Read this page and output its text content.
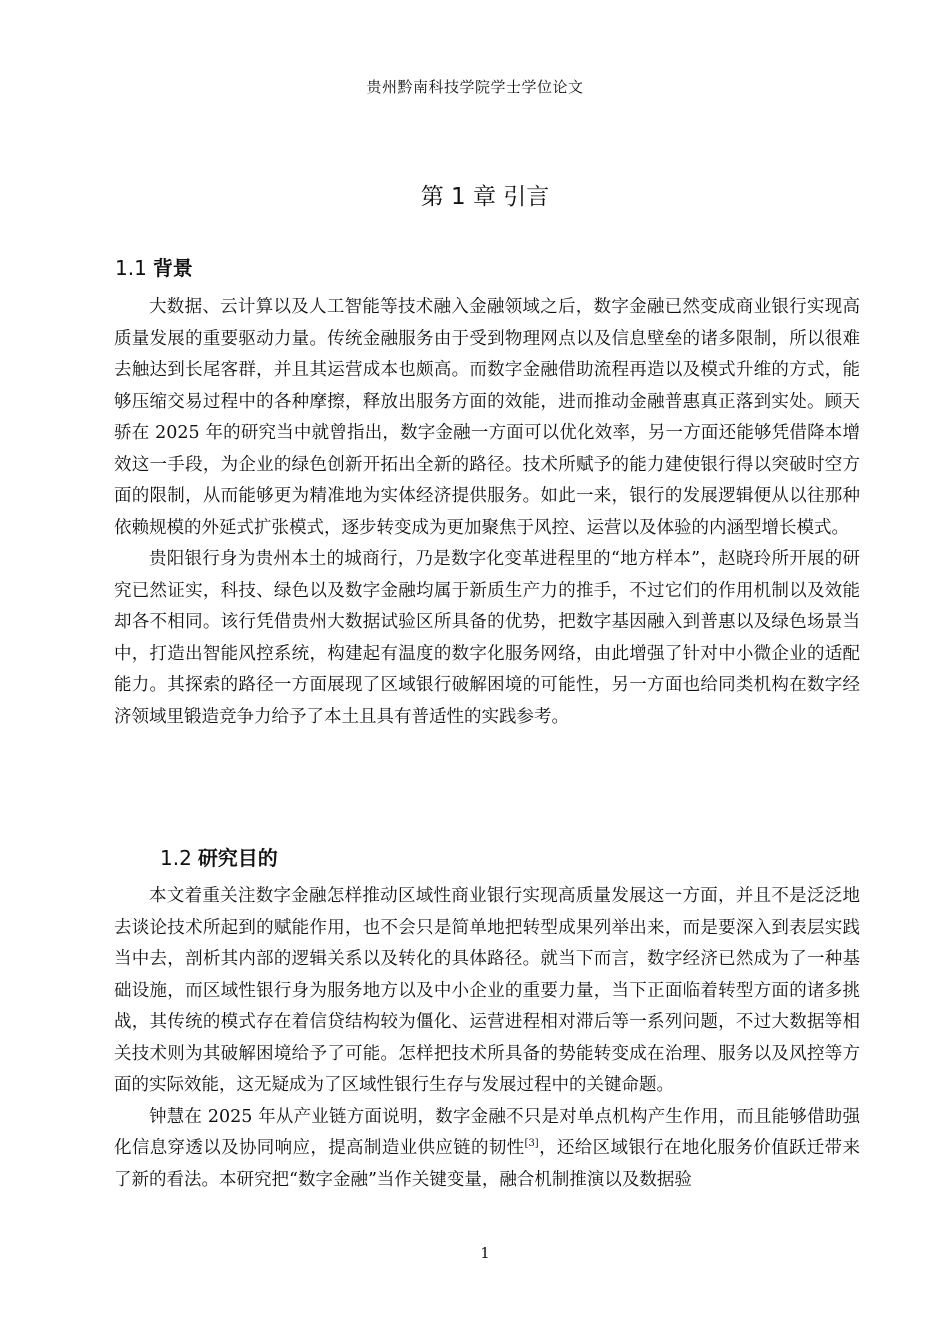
贵州黔南科技学院学士学位论文
第 1 章 引言
1.1 背景

大数据、云计算以及人工智能等技术融入金融领域之后，数字金融已然变成商业银行实现高质量发展的重要驱动力量。传统金融服务由于受到物理网点以及信息壁垒的诸多限制，所以很难去触达到长尾客群，并且其运营成本也颇高。而数字金融借助流程再造以及模式升维的方式，能够压缩交易过程中的各种摩擦，释放出服务方面的效能，进而推动金融普惠真正落到实处。顾天骄在 2025 年的研究当中就曾指出，数字金融一方面可以优化效率，另一方面还能够凭借降本增效这一手段，为企业的绿色创新开拓出全新的路径。技术所赋予的能力建使银行得以突破时空方面的限制，从而能够更为精准地为实体经济提供服务。如此一来，银行的发展逻辑便从以往那种依赖规模的外延式扩张模式，逐步转变成为更加聚焦于风控、运营以及体验的内涵型增长模式。

贵阳银行身为贵州本土的城商行，乃是数字化变革进程里的“地方样本”，赵晓玲所开展的研究已然证实，科技、绿色以及数字金融均属于新质生产力的推手，不过它们的作用机制以及效能却各不相同。该行凭借贵州大数据试验区所具备的优势，把数字基因融入到普惠以及绿色场景当中，打造出智能风控系统，构建起有温度的数字化服务网络，由此增强了针对中小微企业的适配能力。其探索的路径一方面展现了区域银行破解困境的可能性，另一方面也给同类机构在数字经济领域里锻造竞争力给予了本土且具有普适性的实践参考。

1.2 研究目的

本文着重关注数字金融怎样推动区域性商业银行实现高质量发展这一方面，并且不是泛泛地去谈论技术所起到的赋能作用，也不会只是简单地把转型成果列举出来，而是要深入到表层实践当中去，剖析其内部的逻辑关系以及转化的具体路径。就当下而言，数字经济已然成为了一种基础设施，而区域性银行身为服务地方以及中小企业的重要力量，当下正面临着转型方面的诸多挑战，其传统的模式存在着信贷结构较为僵化、运营进程相对滞后等一系列问题，不过大数据等相关技术则为其破解困境给予了可能。怎样把技术所具备的势能转变成在治理、服务以及风控等方面的实际效能，这无疑成为了区域性银行生存与发展过程中的关键命题。

钟慧在 2025 年从产业链方面说明，数字金融不只是对单点机构产生作用，而且能够借助强化信息穿透以及协同响应，提高制造业供应链的韧性[3]，还给区域银行在地化服务价值跃迁带来了新的看法。本研究把“数字金融”当作关键变量，融合机制推演以及数据验

1
